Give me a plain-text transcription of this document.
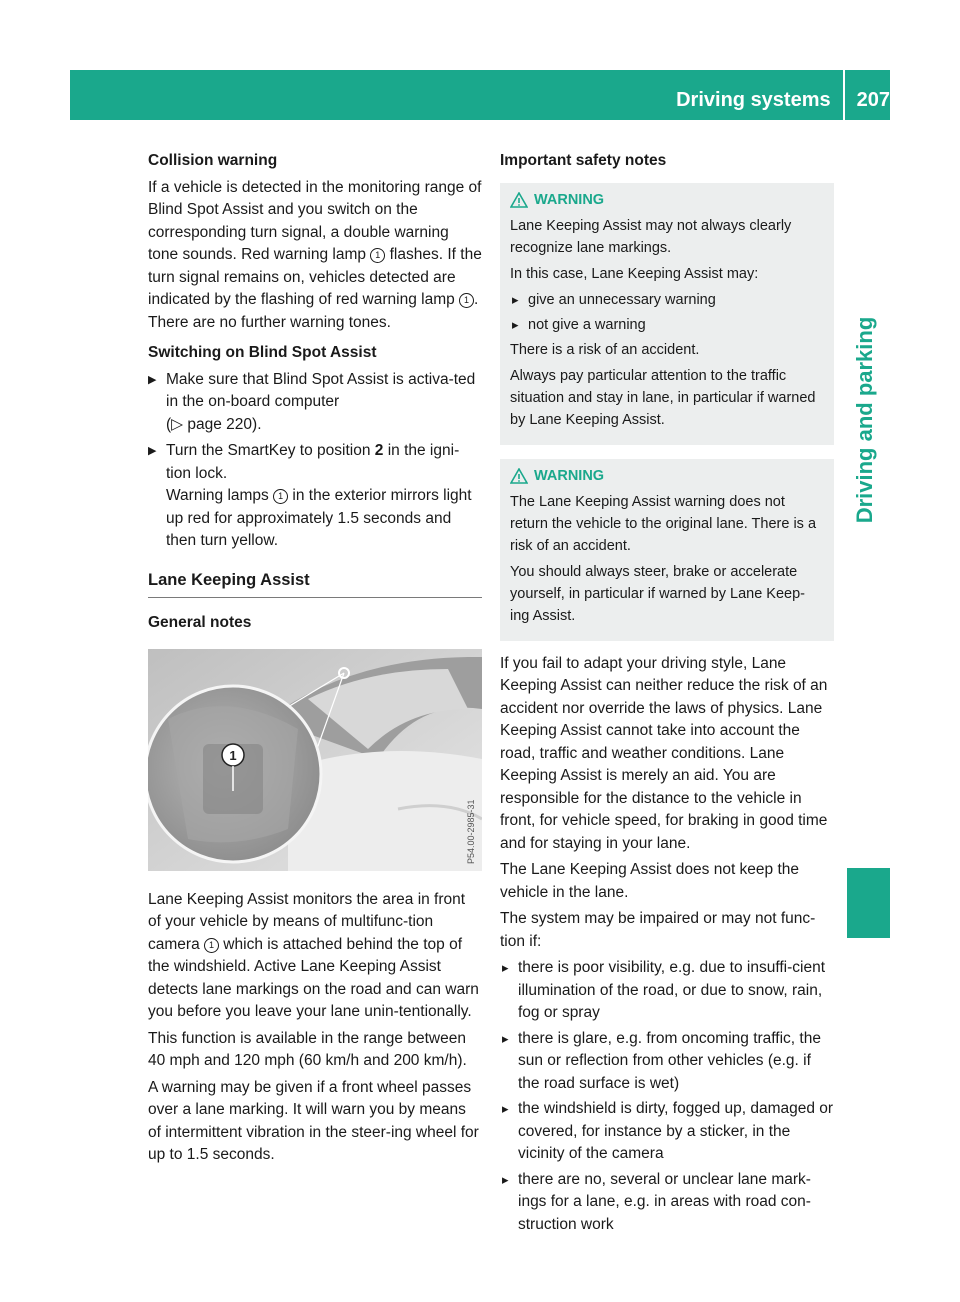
Driving systems 207
Driving and parking
Collision warning

If a vehicle is detected in the monitoring range of Blind Spot Assist and you switch on the corresponding turn signal, a double warning tone sounds. Red warning lamp 1 flashes. If the turn signal remains on, vehicles detected are indicated by the flashing of red warning lamp 1 . There are no further warning tones.

Switching on Blind Spot Assist
▶ Make sure that Blind Spot Assist is activa-ted in the on-board computer
(▷ page 220).
▶ Turn the SmartKey to position 2 in the igni-tion lock.
Warning lamps 1 in the exterior mirrors light up red for approximately 1.5 seconds and then turn yellow.
Lane Keeping Assist
General notes
1
P54.00-2985-31

Lane Keeping Assist monitors the area in front of your vehicle by means of multifunc-tion camera 1 which is attached behind the top of the windshield. Active Lane Keeping Assist detects lane markings on the road and can warn you before you leave your lane unin-tentionally.

This function is available in the range between 40 mph and 120 mph (60 km/h and 200 km/h).

A warning may be given if a front wheel passes over a lane marking. It will warn you by means of intermittent vibration in the steer-ing wheel for up to 1.5 seconds.

Important safety notes
WARNING

Lane Keeping Assist may not always clearly recognize lane markings.

In this case, Lane Keeping Assist may:

▸ give an unnecessary warning
▸ not give a warning

There is a risk of an accident.

Always pay particular attention to the traffic situation and stay in lane, in particular if warned by Lane Keeping Assist.

WARNING

The Lane Keeping Assist warning does not return the vehicle to the original lane. There is a risk of an accident.

You should always steer, brake or accelerate yourself, in particular if warned by Lane Keep-ing Assist.

If you fail to adapt your driving style, Lane Keeping Assist can neither reduce the risk of an accident nor override the laws of physics. Lane Keeping Assist cannot take into account the road, traffic and weather conditions. Lane Keeping Assist is merely an aid. You are responsible for the distance to the vehicle in front, for vehicle speed, for braking in good time and for staying in your lane.

The Lane Keeping Assist does not keep the vehicle in the lane.

The system may be impaired or may not func-tion if:

▸ there is poor visibility, e.g. due to insuffi-cient illumination of the road, or due to snow, rain, fog or spray
▸ there is glare, e.g. from oncoming traffic, the sun or reflection from other vehicles (e.g. if the road surface is wet)
▸ the windshield is dirty, fogged up, damaged or covered, for instance by a sticker, in the vicinity of the camera
▸ there are no, several or unclear lane mark-ings for a lane, e.g. in areas with road con-struction work
